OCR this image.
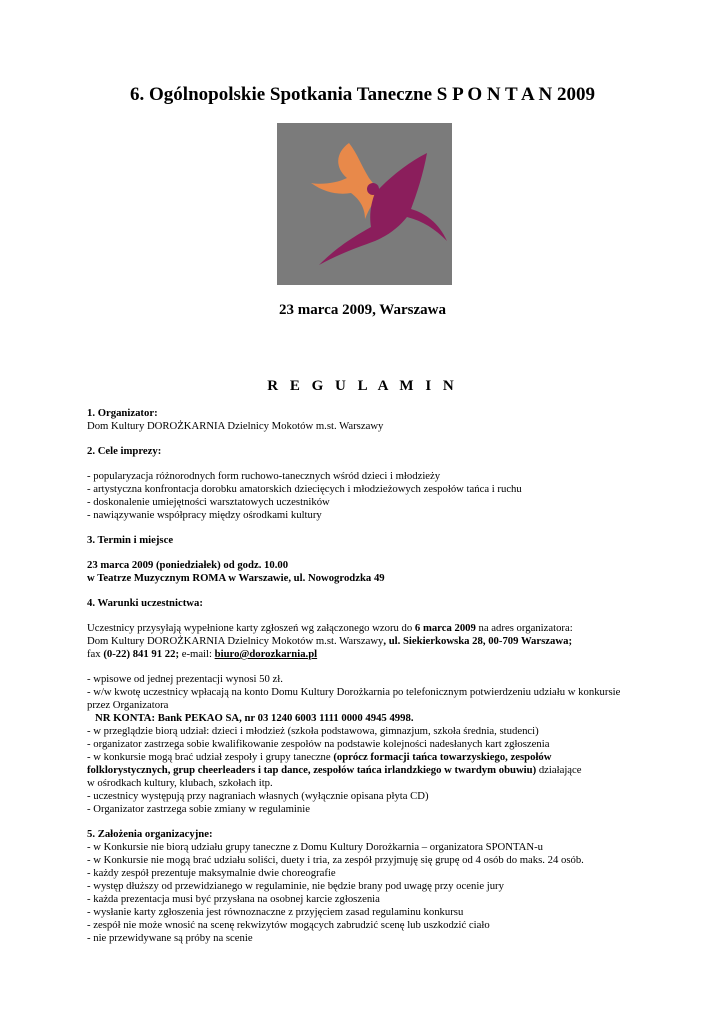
6. Ogólnopolskie Spotkania Taneczne S P O N T A N 2009
23 marca 2009, Warszawa
R E G U L A M I N

1. Organizator:

Dom Kultury DOROŻKARNIA Dzielnicy Mokotów m.st. Warszawy

2. Cele imprezy:

- popularyzacja różnorodnych form ruchowo-tanecznych wśród dzieci i młodzieży

- artystyczna konfrontacja dorobku amatorskich dziecięcych i młodzieżowych zespołów tańca i ruchu

- doskonalenie umiejętności warsztatowych uczestników

- nawiązywanie współpracy między ośrodkami kultury

3. Termin i miejsce

23 marca 2009 (poniedziałek) od godz. 10.00

w Teatrze Muzycznym ROMA w Warszawie, ul. Nowogrodzka 49

4. Warunki uczestnictwa:

Uczestnicy przysyłają wypełnione karty zgłoszeń wg załączonego wzoru do 6 marca 2009 na adres organizatora:

Dom Kultury DOROŻKARNIA Dzielnicy Mokotów m.st. Warszawy, ul. Siekierkowska 28, 00-709 Warszawa;

fax (0-22) 841 91 22; e-mail: biuro@dorozkarnia.pl

- wpisowe od jednej prezentacji wynosi 50 zł.

- w/w kwotę uczestnicy wpłacają na konto Domu Kultury Dorożkarnia po telefonicznym potwierdzeniu udziału w konkursie

przez Organizatora

NR KONTA: Bank PEKAO SA, nr 03 1240 6003 1111 0000 4945 4998.

- w przeglądzie biorą udział: dzieci i młodzież (szkoła podstawowa, gimnazjum, szkoła średnia, studenci)

- organizator zastrzega sobie kwalifikowanie zespołów na podstawie kolejności nadesłanych kart zgłoszenia

- w konkursie mogą brać udział zespoły i grupy taneczne (oprócz formacji tańca towarzyskiego, zespołów

folklorystycznych, grup cheerleaders i tap dance, zespołów tańca irlandzkiego w twardym obuwiu) działające

w ośrodkach kultury, klubach, szkołach itp.

- uczestnicy występują przy nagraniach własnych (wyłącznie opisana płyta CD)

- Organizator zastrzega sobie zmiany w regulaminie

5. Założenia organizacyjne:

- w Konkursie nie biorą udziału grupy taneczne z Domu Kultury Dorożkarnia – organizatora SPONTAN-u

- w Konkursie nie mogą brać udziału soliści, duety i tria, za zespół przyjmuję się grupę od 4 osób do maks. 24 osób.

- każdy zespół prezentuje maksymalnie dwie choreografie

- występ dłuższy od przewidzianego w regulaminie, nie będzie brany pod uwagę przy ocenie jury

- każda prezentacja musi być przysłana na osobnej karcie zgłoszenia

- wysłanie karty zgłoszenia jest równoznaczne z przyjęciem zasad regulaminu konkursu

- zespół nie może wnosić na scenę rekwizytów mogących zabrudzić scenę lub uszkodzić ciało

- nie przewidywane są próby na scenie
